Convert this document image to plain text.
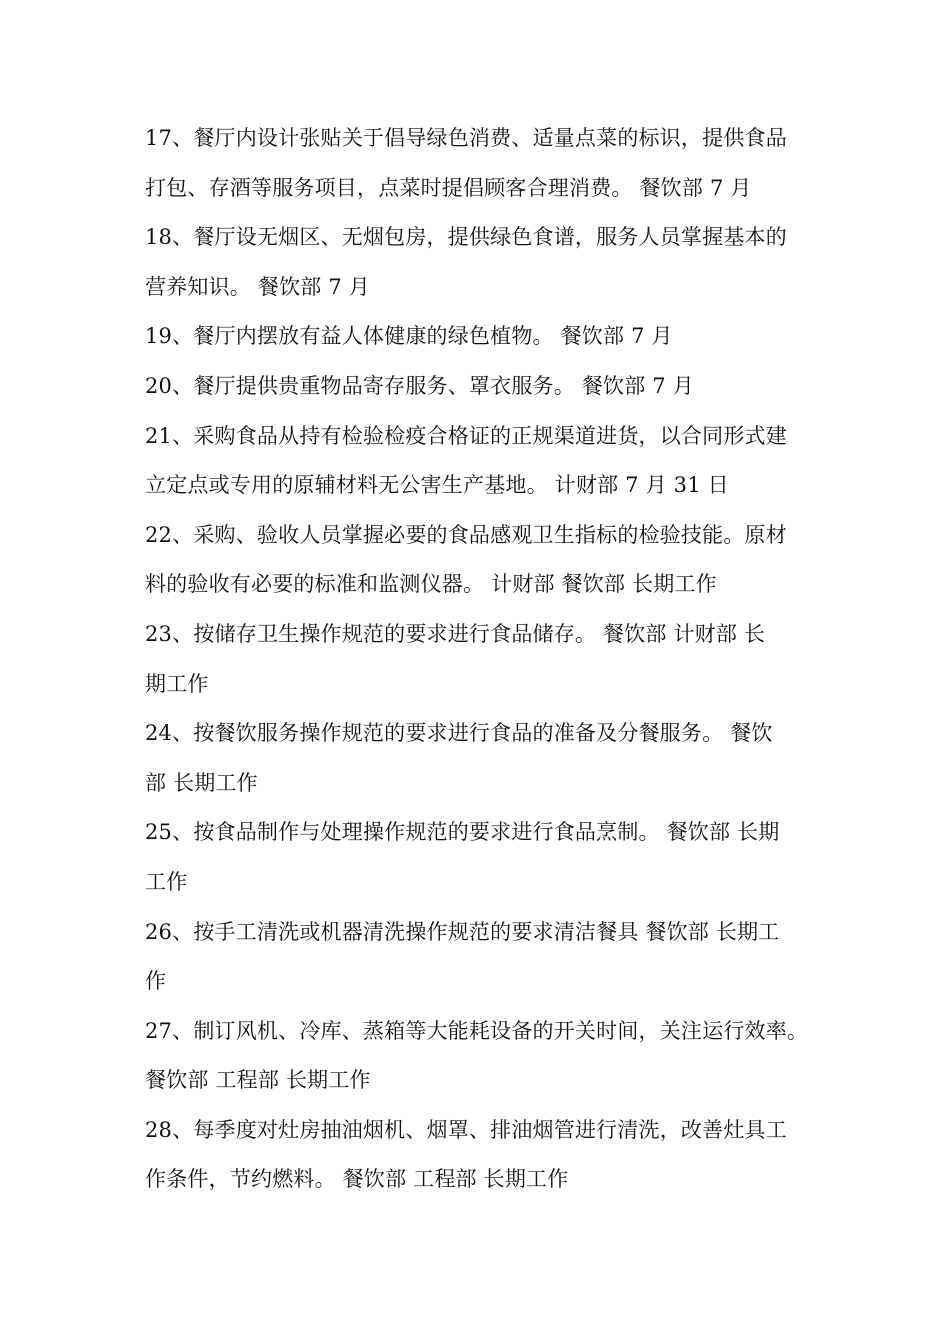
17、餐厅内设计张贴关于倡导绿色消费、适量点菜的标识，提供食品
打包、存酒等服务项目，点菜时提倡顾客合理消费。 餐饮部 7 月
18、餐厅设无烟区、无烟包房，提供绿色食谱，服务人员掌握基本的
营养知识。 餐饮部 7 月
19、餐厅内摆放有益人体健康的绿色植物。 餐饮部 7 月
20、餐厅提供贵重物品寄存服务、罩衣服务。 餐饮部 7 月
21、采购食品从持有检验检疫合格证的正规渠道进货，以合同形式建
立定点或专用的原辅材料无公害生产基地。 计财部 7 月 31 日
22、采购、验收人员掌握必要的食品感观卫生指标的检验技能。原材
料的验收有必要的标准和监测仪器。 计财部 餐饮部 长期工作
23、按储存卫生操作规范的要求进行食品储存。 餐饮部 计财部 长
期工作
24、按餐饮服务操作规范的要求进行食品的准备及分餐服务。 餐饮
部 长期工作
25、按食品制作与处理操作规范的要求进行食品烹制。 餐饮部 长期
工作
26、按手工清洗或机器清洗操作规范的要求清洁餐具 餐饮部 长期工
作
27、制订风机、冷库、蒸箱等大能耗设备的开关时间，关注运行效率。
餐饮部 工程部 长期工作
28、每季度对灶房抽油烟机、烟罩、排油烟管进行清洗，改善灶具工
作条件，节约燃料。 餐饮部 工程部 长期工作
